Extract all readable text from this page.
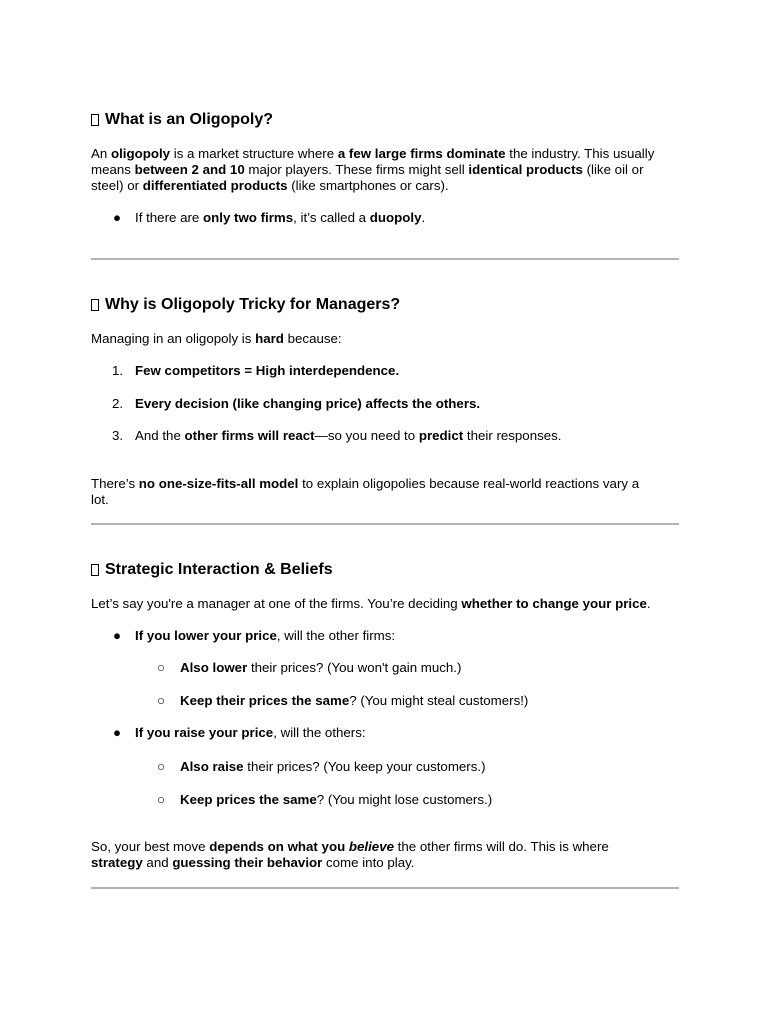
What is an Oligopoly?

An oligopoly is a market structure where a few large firms dominate the industry. This usually
means between 2 and 10 major players. These firms might sell identical products (like oil or
steel) or differentiated products (like smartphones or cars).

● If there are only two firms, it’s called a duopoly.
Why is Oligopoly Tricky for Managers?

Managing in an oligopoly is hard because:

1. Few competitors = High interdependence.
2. Every decision (like changing price) affects the others.
3. And the other firms will react—so you need to predict their responses.

There’s no one-size-fits-all model to explain oligopolies because real-world reactions vary a
lot.

Strategic Interaction & Beliefs

Let’s say you're a manager at one of the firms. You’re deciding whether to change your price.

● If you lower your price, will the other firms:
○ Also lower their prices? (You won't gain much.)
○ Keep their prices the same? (You might steal customers!)
● If you raise your price, will the others:
○ Also raise their prices? (You keep your customers.)
○ Keep prices the same? (You might lose customers.)

So, your best move depends on what you believe the other firms will do. This is where
strategy and guessing their behavior come into play.
